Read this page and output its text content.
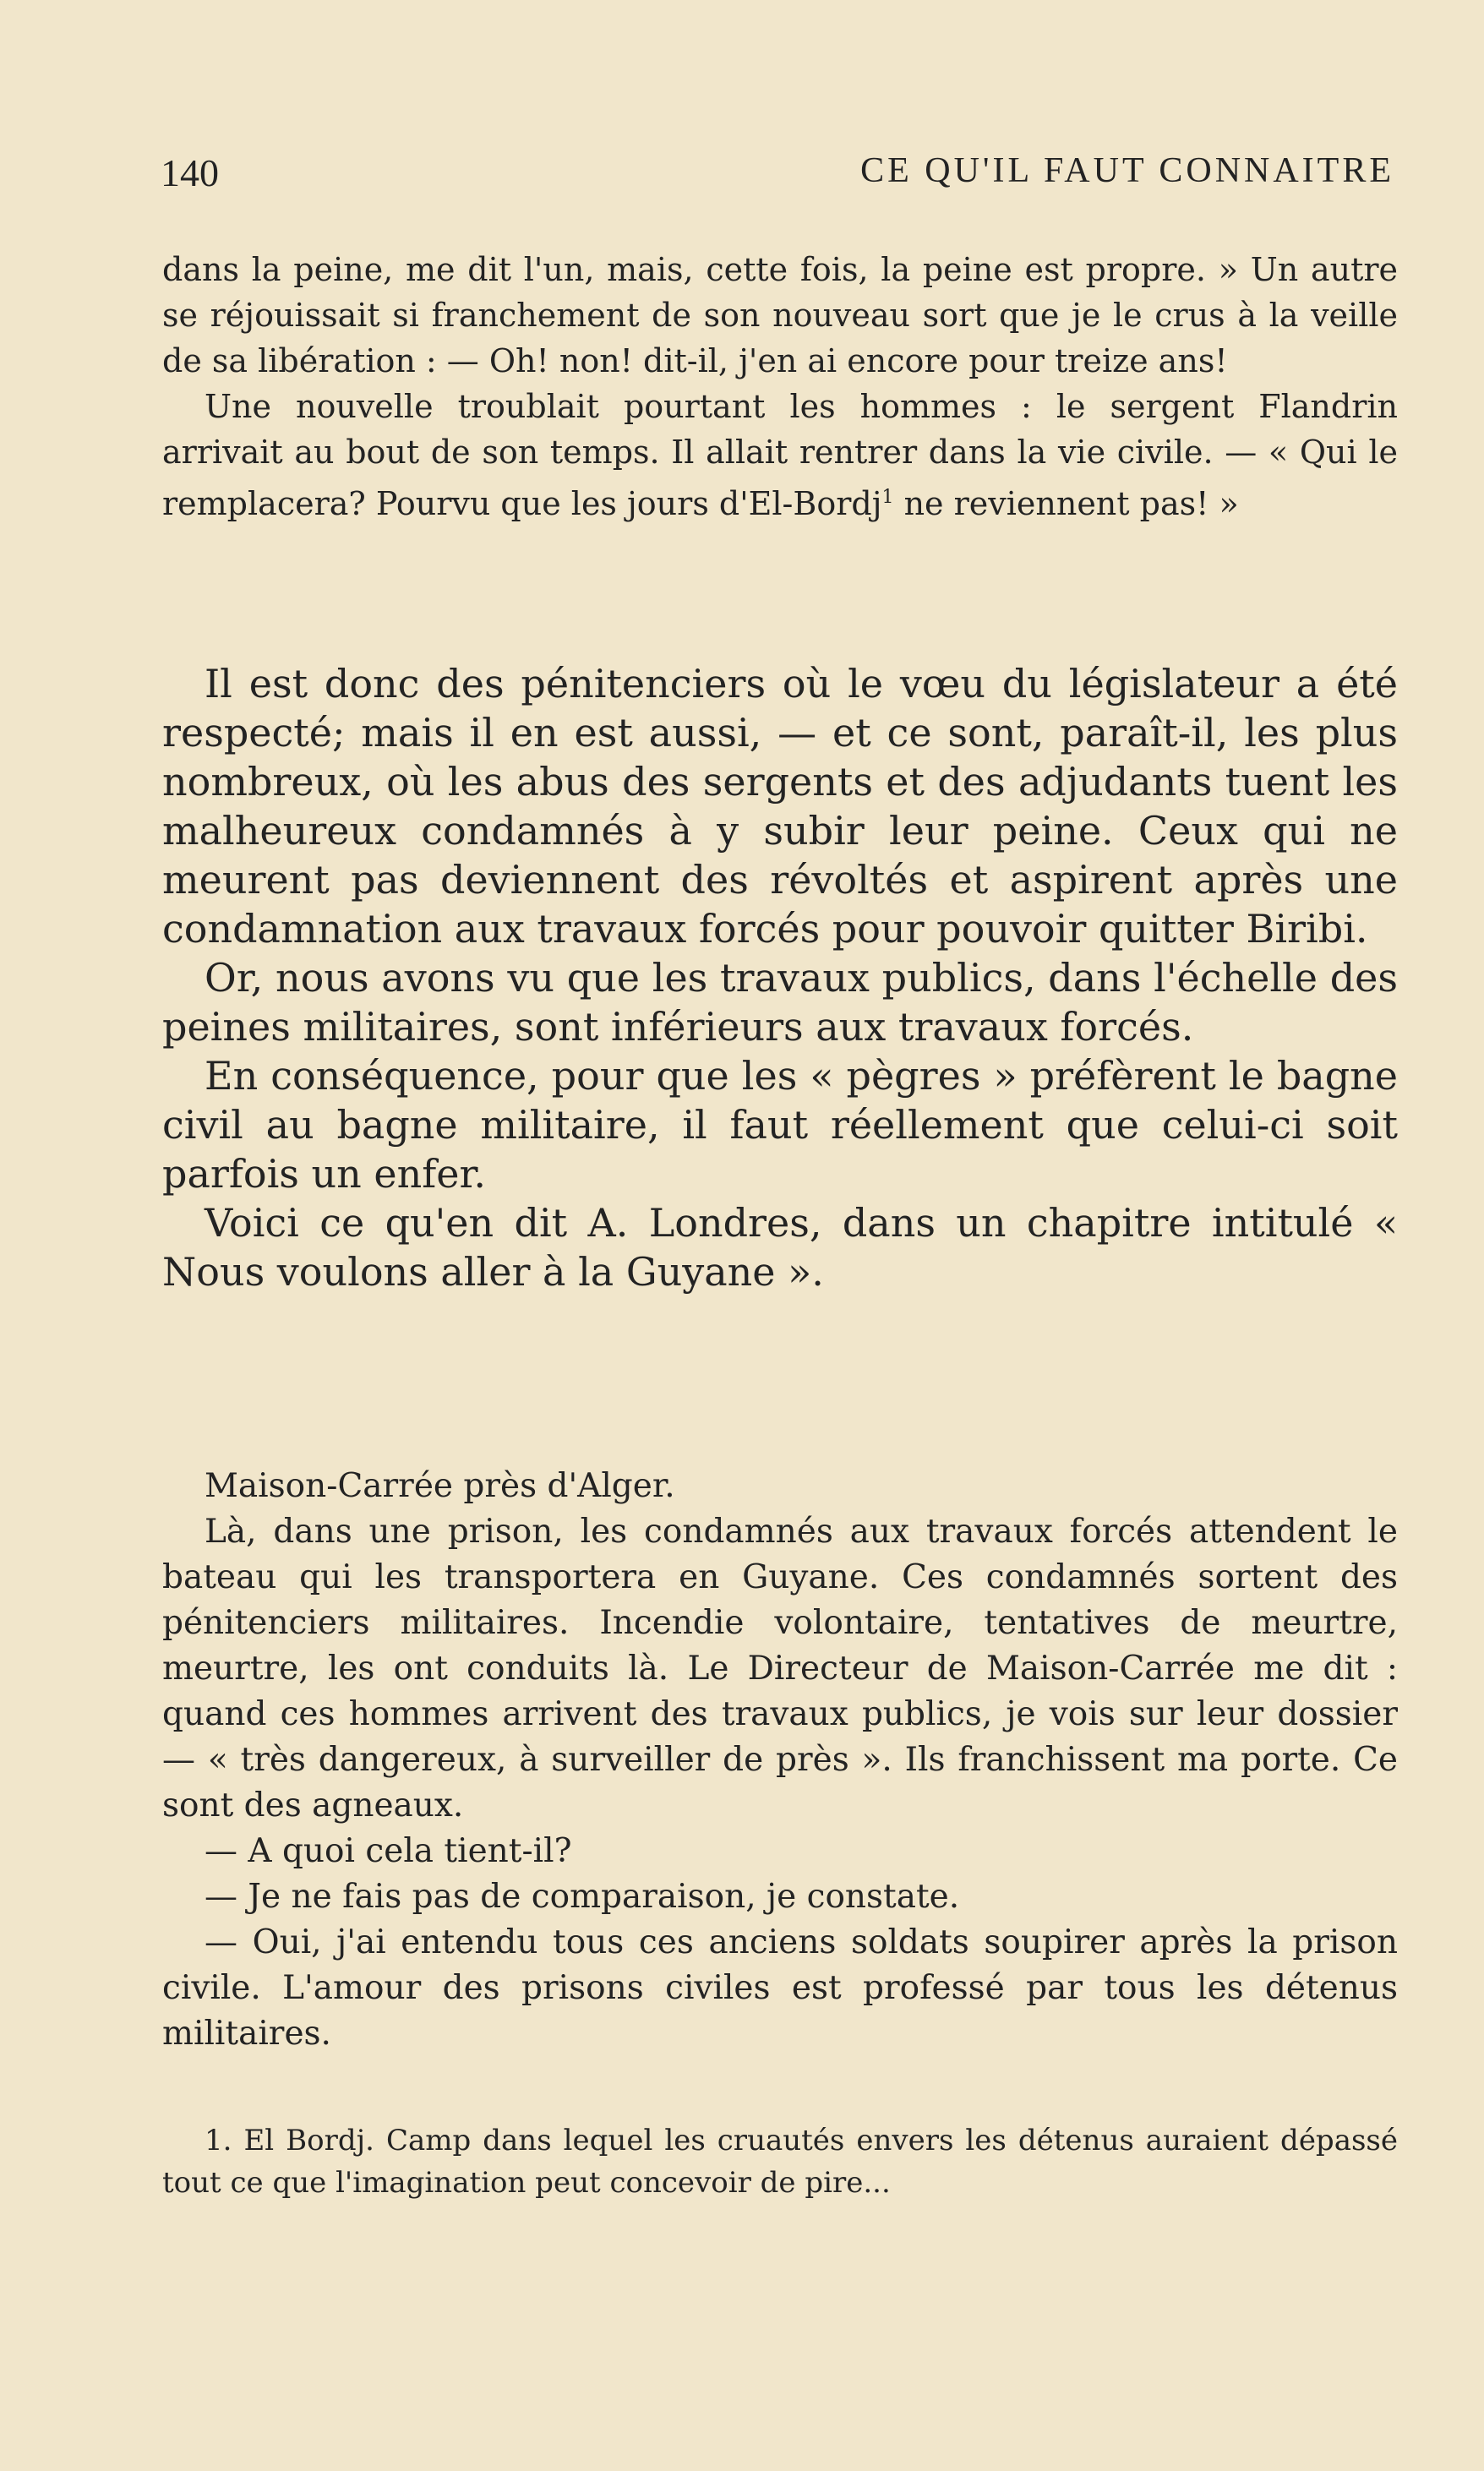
140	CE QU'IL FAUT CONNAITRE

dans la peine, me dit l'un, mais, cette fois, la peine est propre. » Un autre se réjouissait si franchement de son nouveau sort que je le crus à la veille de sa libération : — Oh! non! dit-il, j'en ai encore pour treize ans!

Une nouvelle troublait pourtant les hommes : le sergent Flandrin arrivait au bout de son temps. Il allait rentrer dans la vie civile. — « Qui le remplacera? Pourvu que les jours d'El-Bordj$^1$ ne reviennent pas! »

Il est donc des pénitenciers où le vœu du législateur a été respecté; mais il en est aussi, — et ce sont, paraît-il, les plus nombreux, où les abus des sergents et des adjudants tuent les malheureux condamnés à y subir leur peine. Ceux qui ne meurent pas deviennent des révoltés et aspirent après une condamnation aux travaux forcés pour pouvoir quitter Biribi.

Or, nous avons vu que les travaux publics, dans l'échelle des peines militaires, sont inférieurs aux travaux forcés.

En conséquence, pour que les « pègres » préfèrent le bagne civil au bagne militaire, il faut réellement que celui-ci soit parfois un enfer.

Voici ce qu'en dit A. Londres, dans un chapitre intitulé « Nous voulons aller à la Guyane ».

Maison-Carrée près d'Alger.

Là, dans une prison, les condamnés aux travaux forcés attendent le bateau qui les transportera en Guyane. Ces condamnés sortent des pénitenciers militaires. Incendie volontaire, tentatives de meurtre, meurtre, les ont conduits là. Le Directeur de Maison-Carrée me dit : quand ces hommes arrivent des travaux publics, je vois sur leur dossier — « très dangereux, à surveiller de près ». Ils franchissent ma porte. Ce sont des agneaux.

— A quoi cela tient-il?

— Je ne fais pas de comparaison, je constate.

— Oui, j'ai entendu tous ces anciens soldats soupirer après la prison civile. L'amour des prisons civiles est professé par tous les détenus militaires.

1. El Bordj. Camp dans lequel les cruautés envers les détenus auraient dépassé tout ce que l'imagination peut concevoir de pire...
